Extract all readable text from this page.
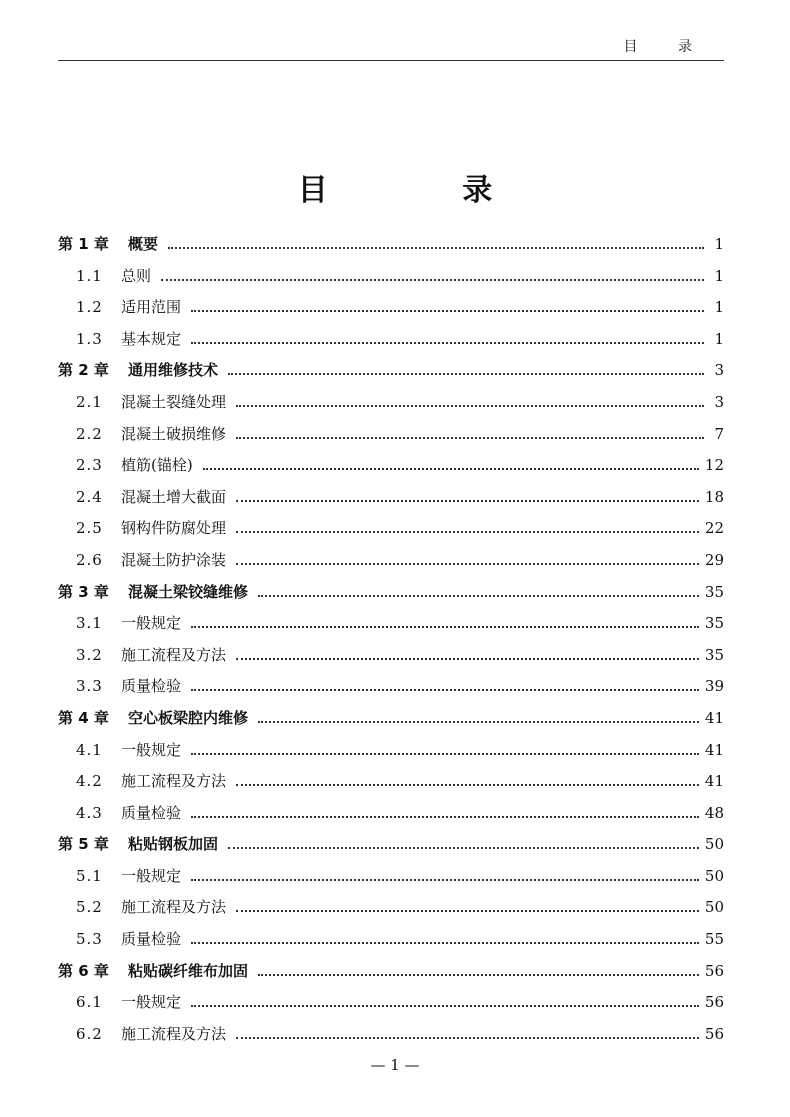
目 录
目 录
第 1 章	概要	1
1.1	总则	1
1.2	适用范围	1
1.3	基本规定	1
第 2 章	通用维修技术	3
2.1	混凝土裂缝处理	3
2.2	混凝土破损维修	7
2.3	植筋(锚栓)	12
2.4	混凝土增大截面	18
2.5	钢构件防腐处理	22
2.6	混凝土防护涂装	29
第 3 章	混凝土梁铰缝维修	35
3.1	一般规定	35
3.2	施工流程及方法	35
3.3	质量检验	39
第 4 章	空心板梁腔内维修	41
4.1	一般规定	41
4.2	施工流程及方法	41
4.3	质量检验	48
第 5 章	粘贴钢板加固	50
5.1	一般规定	50
5.2	施工流程及方法	50
5.3	质量检验	55
第 6 章	粘贴碳纤维布加固	56
6.1	一般规定	56
6.2	施工流程及方法	56
— 1 —
